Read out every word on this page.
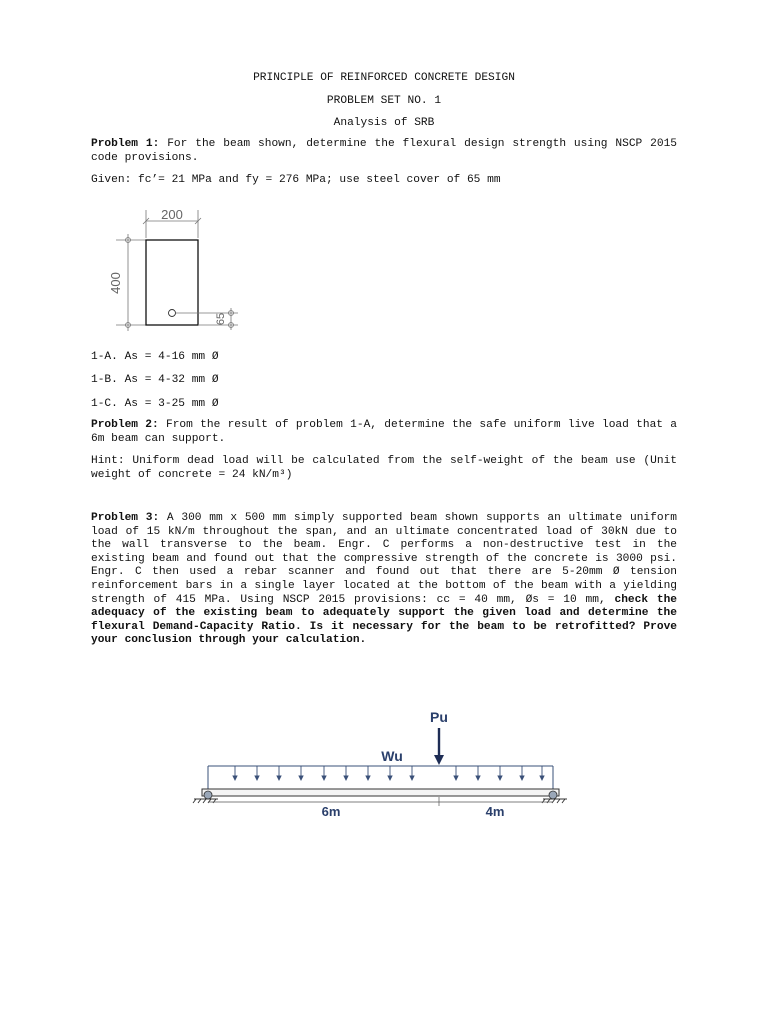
PRINCIPLE OF REINFORCED CONCRETE DESIGN
PROBLEM SET NO. 1
Analysis of SRB
Problem 1: For the beam shown, determine the flexural design strength using NSCP 2015 code provisions.
Given: fc’= 21 MPa and fy = 276 MPa; use steel cover of 65 mm
200
400
65
1-A. As = 4-16 mm Ø
1-B. As = 4-32 mm Ø
1-C. As = 3-25 mm Ø
Problem 2: From the result of problem 1-A, determine the safe uniform live load that a 6m beam can support.
Hint: Uniform dead load will be calculated from the self-weight of the beam use (Unit weight of concrete = 24 kN/m³)
Problem 3: A 300 mm x 500 mm simply supported beam shown supports an ultimate uniform load of 15 kN/m throughout the span, and an ultimate concentrated load of 30kN due to the wall transverse to the beam. Engr. C performs a non-destructive test in the existing beam and found out that the compressive strength of the concrete is 3000 psi. Engr. C then used a rebar scanner and found out that there are 5-20mm Ø tension reinforcement bars in a single layer located at the bottom of the beam with a yielding strength of 415 MPa. Using NSCP 2015 provisions: cc = 40 mm, Øs = 10 mm, check the adequacy of the existing beam to adequately support the given load and determine the flexural Demand-Capacity Ratio. Is it necessary for the beam to be retrofitted? Prove your conclusion through your calculation.
Pu
Wu
6m	4m
